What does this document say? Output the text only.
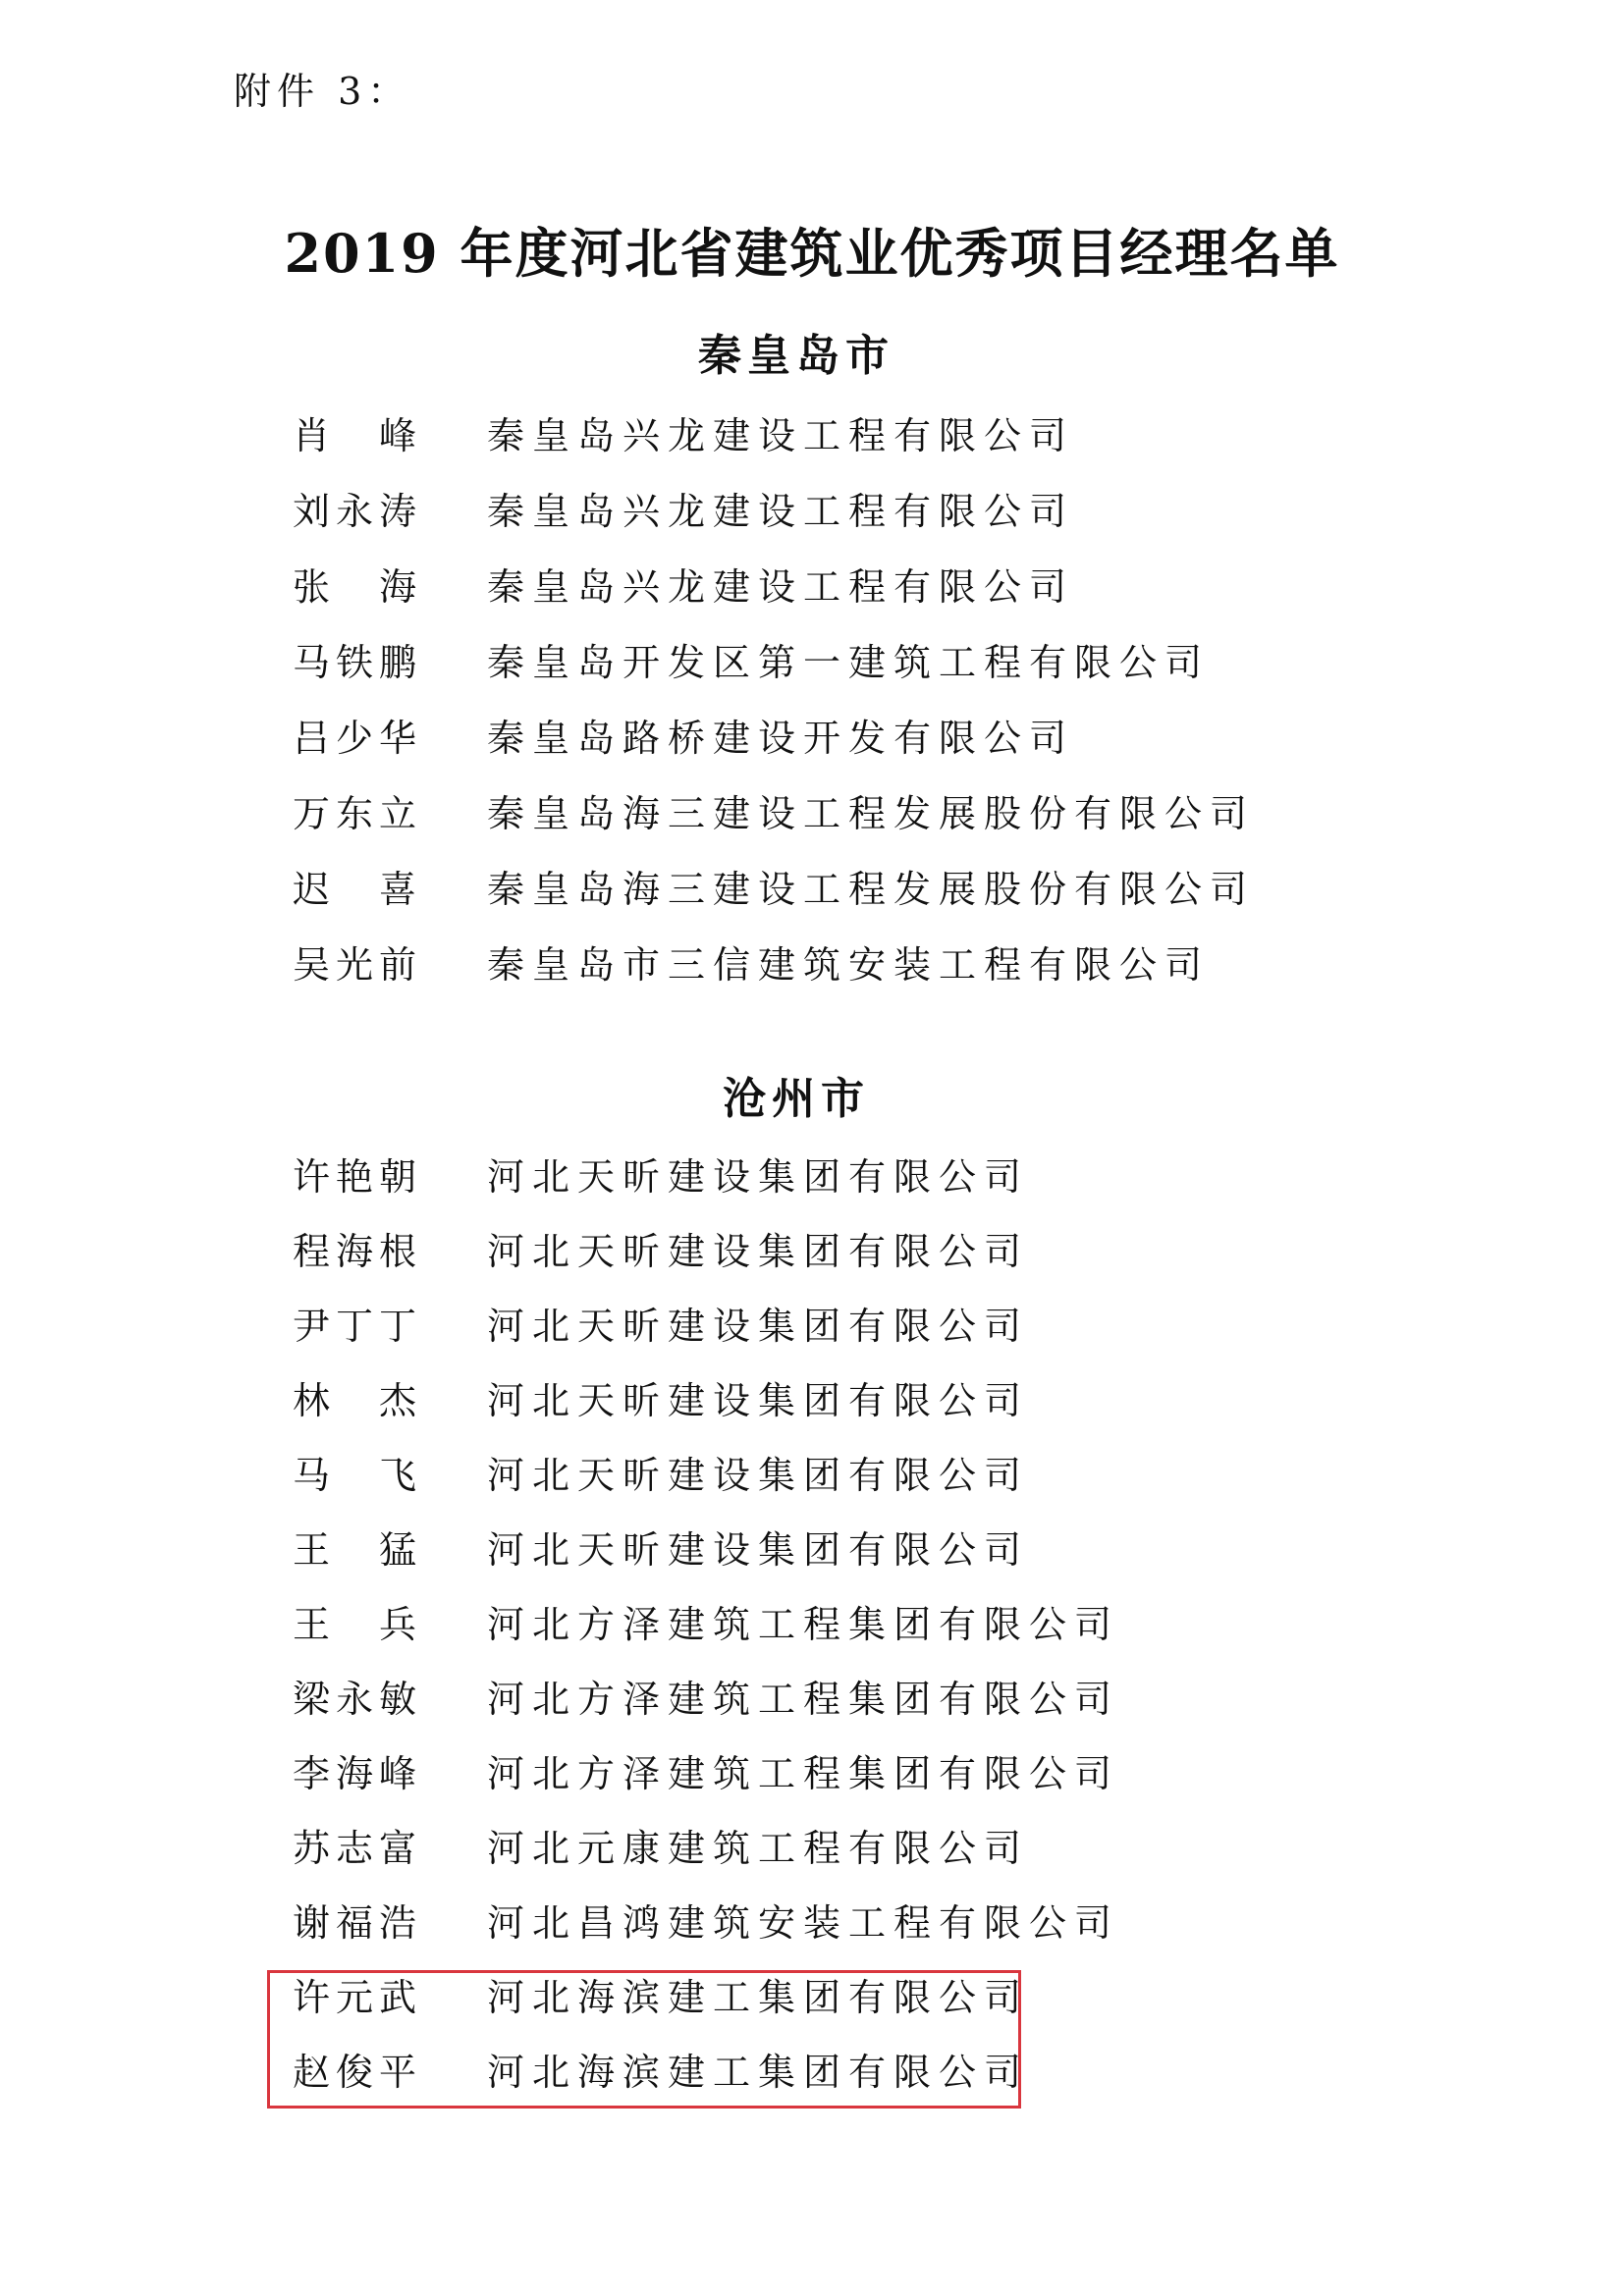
附件 3：
2019 年度河北省建筑业优秀项目经理名单
秦皇岛市
肖 峰 秦皇岛兴龙建设工程有限公司
刘 永 涛 秦皇岛兴龙建设工程有限公司
张 海 秦皇岛兴龙建设工程有限公司
马 铁 鹏 秦皇岛开发区第一建筑工程有限公司
吕 少 华 秦皇岛路桥建设开发有限公司
万 东 立 秦皇岛海三建设工程发展股份有限公司
迟 喜 秦皇岛海三建设工程发展股份有限公司
吴 光 前 秦皇岛市三信建筑安装工程有限公司
沧州市
许 艳 朝 河北天昕建设集团有限公司
程 海 根 河北天昕建设集团有限公司
尹 丁 丁 河北天昕建设集团有限公司
林 杰 河北天昕建设集团有限公司
马 飞 河北天昕建设集团有限公司
王 猛 河北天昕建设集团有限公司
王 兵 河北方泽建筑工程集团有限公司
梁 永 敏 河北方泽建筑工程集团有限公司
李 海 峰 河北方泽建筑工程集团有限公司
苏 志 富 河北元康建筑工程有限公司
谢 福 浩 河北昌鸿建筑安装工程有限公司
许 元 武 河北海滨建工集团有限公司
赵 俊 平 河北海滨建工集团有限公司
